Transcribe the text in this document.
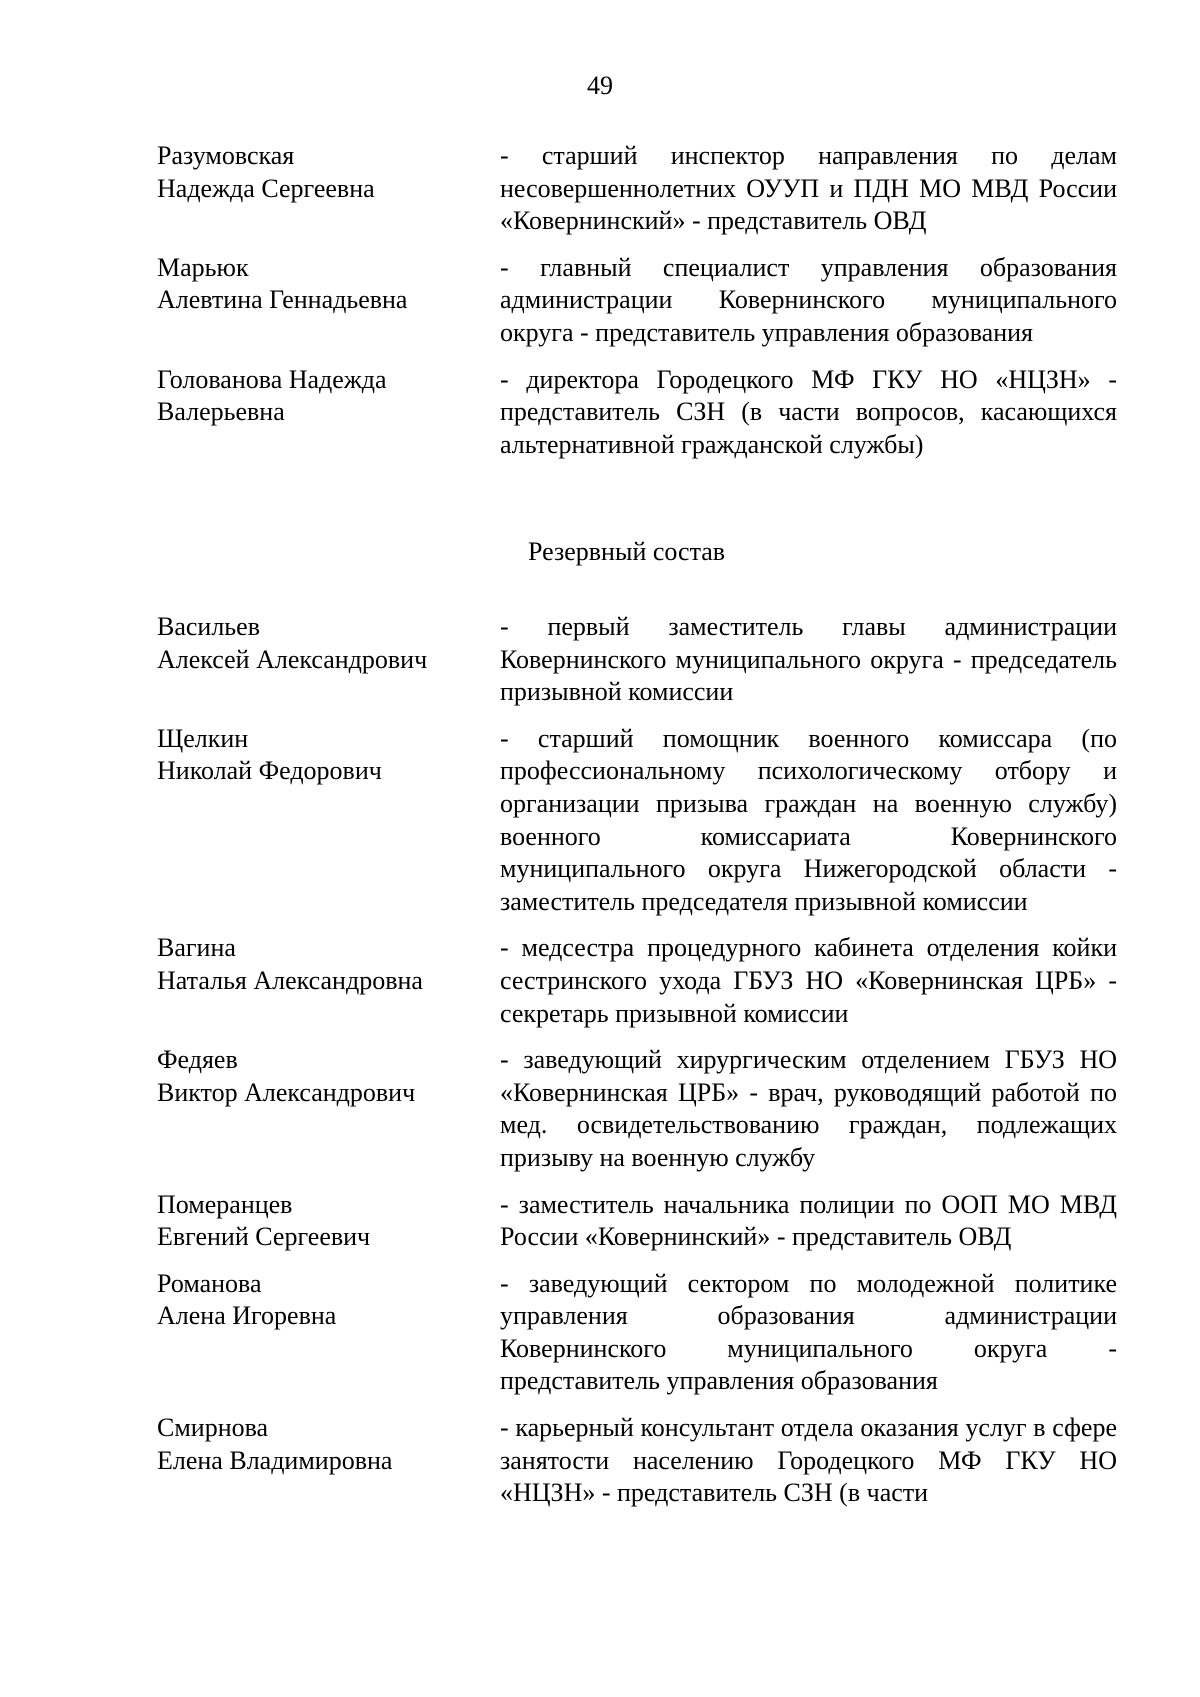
49
Разумовская
Надежда Сергеевна
- старший инспектор направления по делам несовершеннолетних ОУУП и ПДН МО МВД России «Ковернинский» - представитель ОВД
Марьюк
Алевтина Геннадьевна
- главный специалист управления образования администрации Ковернинского муниципального округа - представитель управления образования
Голованова Надежда
Валерьевна
- директора Городецкого МФ ГКУ НО «НЦЗН» - представитель СЗН (в части вопросов, касающихся альтернативной гражданской службы)
Резервный состав
Васильев
Алексей Александрович
- первый заместитель главы администрации Ковернинского муниципального округа - председатель призывной комиссии
Щелкин
Николай Федорович
- старший помощник военного комиссара (по профессиональному психологическому отбору и организации призыва граждан на военную службу) военного комиссариата Ковернинского муниципального округа Нижегородской области - заместитель председателя призывной комиссии
Вагина
Наталья Александровна
- медсестра процедурного кабинета отделения койки сестринского ухода ГБУЗ НО «Ковернинская ЦРБ» - секретарь призывной комиссии
Федяев
Виктор Александрович
- заведующий хирургическим отделением ГБУЗ НО «Ковернинская ЦРБ» - врач, руководящий работой по мед. освидетельствованию граждан, подлежащих призыву на военную службу
Померанцев
Евгений Сергеевич
- заместитель начальника полиции по ООП МО МВД России «Ковернинский» - представитель ОВД
Романова
Алена Игоревна
- заведующий сектором по молодежной политике управления образования администрации Ковернинского муниципального округа - представитель управления образования
Смирнова
Елена Владимировна
- карьерный консультант отдела оказания услуг в сфере занятости населению Городецкого МФ ГКУ НО «НЦЗН» - представитель СЗН (в части
